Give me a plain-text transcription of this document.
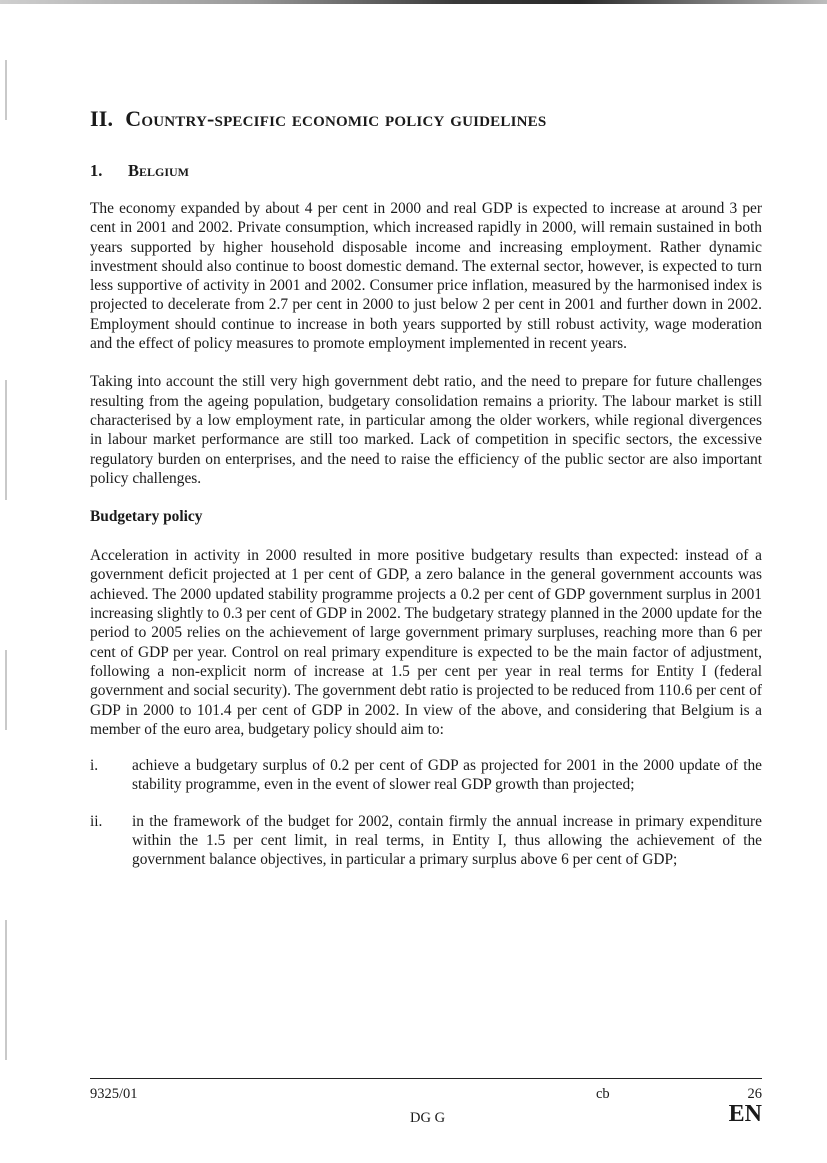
II. Country-specific economic policy guidelines
1. Belgium

The economy expanded by about 4 per cent in 2000 and real GDP is expected to increase at around 3 per cent in 2001 and 2002. Private consumption, which increased rapidly in 2000, will remain sustained in both years supported by higher household disposable income and increasing employment. Rather dynamic investment should also continue to boost domestic demand. The external sector, however, is expected to turn less supportive of activity in 2001 and 2002. Consumer price inflation, measured by the harmonised index is projected to decelerate from 2.7 per cent in 2000 to just below 2 per cent in 2001 and further down in 2002. Employment should continue to increase in both years supported by still robust activity, wage moderation and the effect of policy measures to promote employment implemented in recent years.

Taking into account the still very high government debt ratio, and the need to prepare for future challenges resulting from the ageing population, budgetary consolidation remains a priority. The labour market is still characterised by a low employment rate, in particular among the older workers, while regional divergences in labour market performance are still too marked. Lack of competition in specific sectors, the excessive regulatory burden on enterprises, and the need to raise the efficiency of the public sector are also important policy challenges.

Budgetary policy

Acceleration in activity in 2000 resulted in more positive budgetary results than expected: instead of a government deficit projected at 1 per cent of GDP, a zero balance in the general government accounts was achieved. The 2000 updated stability programme projects a 0.2 per cent of GDP government surplus in 2001 increasing slightly to 0.3 per cent of GDP in 2002. The budgetary strategy planned in the 2000 update for the period to 2005 relies on the achievement of large government primary surpluses, reaching more than 6 per cent of GDP per year. Control on real primary expenditure is expected to be the main factor of adjustment, following a non-explicit norm of increase at 1.5 per cent per year in real terms for Entity I (federal government and social security). The government debt ratio is projected to be reduced from 110.6 per cent of GDP in 2000 to 101.4 per cent of GDP in 2002. In view of the above, and considering that Belgium is a member of the euro area, budgetary policy should aim to:

i.	achieve a budgetary surplus of 0.2 per cent of GDP as projected for 2001 in the 2000 update of the stability programme, even in the event of slower real GDP growth than projected;

ii.	in the framework of the budget for 2002, contain firmly the annual increase in primary expenditure within the 1.5 per cent limit, in real terms, in Entity I, thus allowing the achievement of the government balance objectives, in particular a primary surplus above 6 per cent of GDP;

9325/01	cb	26
DG G	EN
